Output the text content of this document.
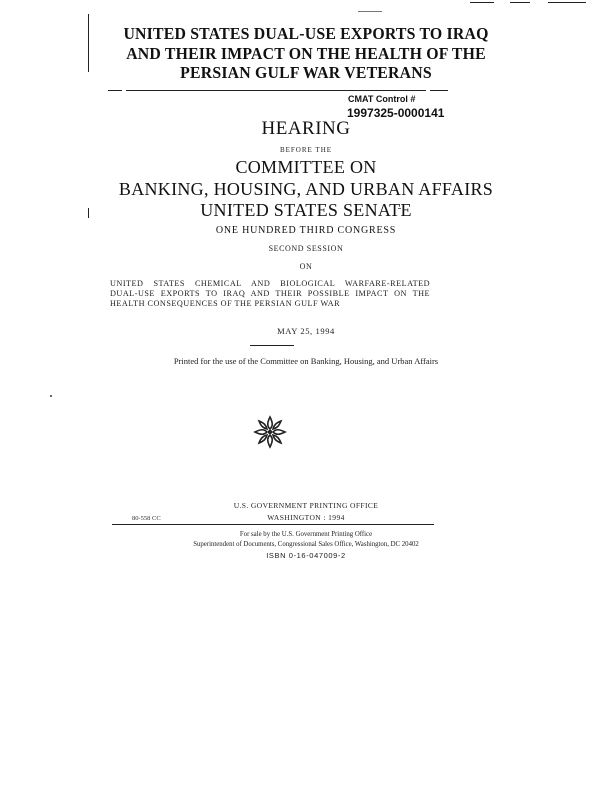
UNITED STATES DUAL-USE EXPORTS TO IRAQ
AND THEIR IMPACT ON THE HEALTH OF THE
PERSIAN GULF WAR VETERANS
CMAT Control #
1997325-0000141
HEARING
BEFORE THE
COMMITTEE ON
BANKING, HOUSING, AND URBAN AFFAIRS
UNITED STATES SENATE
ONE HUNDRED THIRD CONGRESS
SECOND SESSION
ON
UNITED STATES CHEMICAL AND BIOLOGICAL WARFARE-RELATED
DUAL-USE EXPORTS TO IRAQ AND THEIR POSSIBLE IMPACT ON THE
HEALTH CONSEQUENCES OF THE PERSIAN GULF WAR
MAY 25, 1994
Printed for the use of the Committee on Banking, Housing, and Urban Affairs
U.S. GOVERNMENT PRINTING OFFICE
80-558 CC	WASHINGTON : 1994
For sale by the U.S. Government Printing Office
Superintendent of Documents, Congressional Sales Office, Washington, DC 20402
ISBN 0-16-047009-2
